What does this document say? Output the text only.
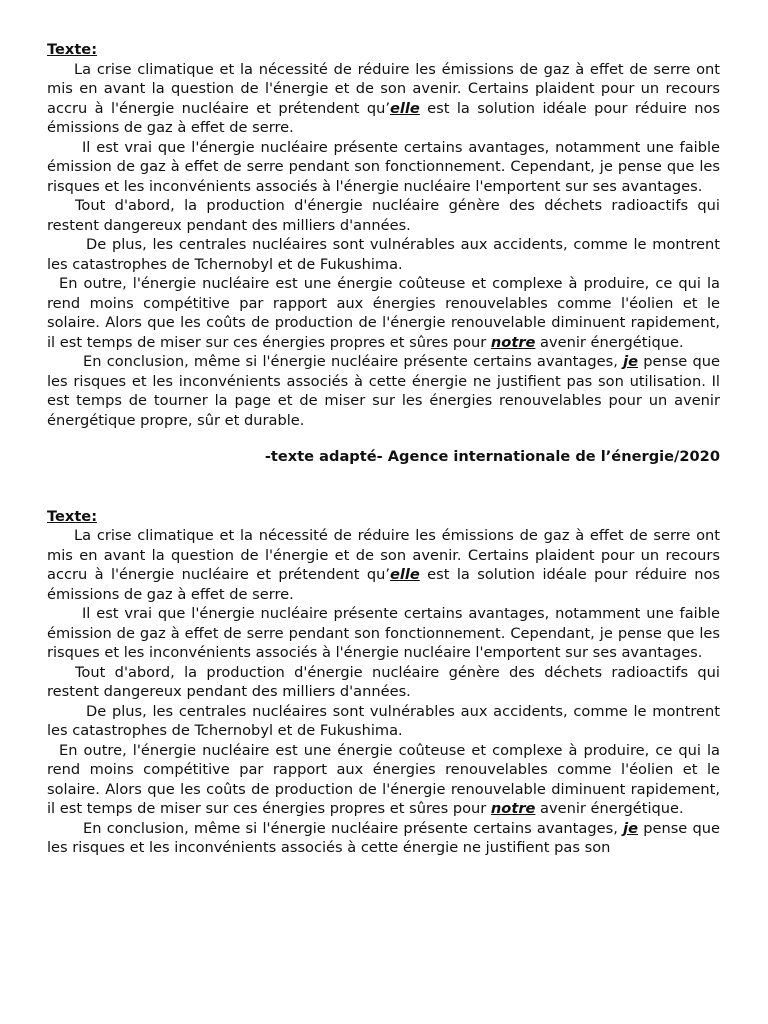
Texte:

La crise climatique et la nécessité de réduire les émissions de gaz à effet de serre ont mis en avant la question de l'énergie et de son avenir. Certains plaident pour un recours accru à l'énergie nucléaire et prétendent qu’elle est la solution idéale pour réduire nos émissions de gaz à effet de serre.

Il est vrai que l'énergie nucléaire présente certains avantages, notamment une faible émission de gaz à effet de serre pendant son fonctionnement. Cependant, je pense que les risques et les inconvénients associés à l'énergie nucléaire l'emportent sur ses avantages.

Tout d'abord, la production d'énergie nucléaire génère des déchets radioactifs qui restent dangereux pendant des milliers d'années.

De plus, les centrales nucléaires sont vulnérables aux accidents, comme le montrent les catastrophes de Tchernobyl et de Fukushima.

En outre, l'énergie nucléaire est une énergie coûteuse et complexe à produire, ce qui la rend moins compétitive par rapport aux énergies renouvelables comme l'éolien et le solaire. Alors que les coûts de production de l'énergie renouvelable diminuent rapidement, il est temps de miser sur ces énergies propres et sûres pour notre avenir énergétique.

En conclusion, même si l'énergie nucléaire présente certains avantages, je pense que les risques et les inconvénients associés à cette énergie ne justifient pas son utilisation. Il est temps de tourner la page et de miser sur les énergies renouvelables pour un avenir énergétique propre, sûr et durable.

-texte adapté- Agence internationale de l’énergie/2020

Texte:

La crise climatique et la nécessité de réduire les émissions de gaz à effet de serre ont mis en avant la question de l'énergie et de son avenir. Certains plaident pour un recours accru à l'énergie nucléaire et prétendent qu’elle est la solution idéale pour réduire nos émissions de gaz à effet de serre.

Il est vrai que l'énergie nucléaire présente certains avantages, notamment une faible émission de gaz à effet de serre pendant son fonctionnement. Cependant, je pense que les risques et les inconvénients associés à l'énergie nucléaire l'emportent sur ses avantages.

Tout d'abord, la production d'énergie nucléaire génère des déchets radioactifs qui restent dangereux pendant des milliers d'années.

De plus, les centrales nucléaires sont vulnérables aux accidents, comme le montrent les catastrophes de Tchernobyl et de Fukushima.

En outre, l'énergie nucléaire est une énergie coûteuse et complexe à produire, ce qui la rend moins compétitive par rapport aux énergies renouvelables comme l'éolien et le solaire. Alors que les coûts de production de l'énergie renouvelable diminuent rapidement, il est temps de miser sur ces énergies propres et sûres pour notre avenir énergétique.

En conclusion, même si l'énergie nucléaire présente certains avantages, je pense que les risques et les inconvénients associés à cette énergie ne justifient pas son
